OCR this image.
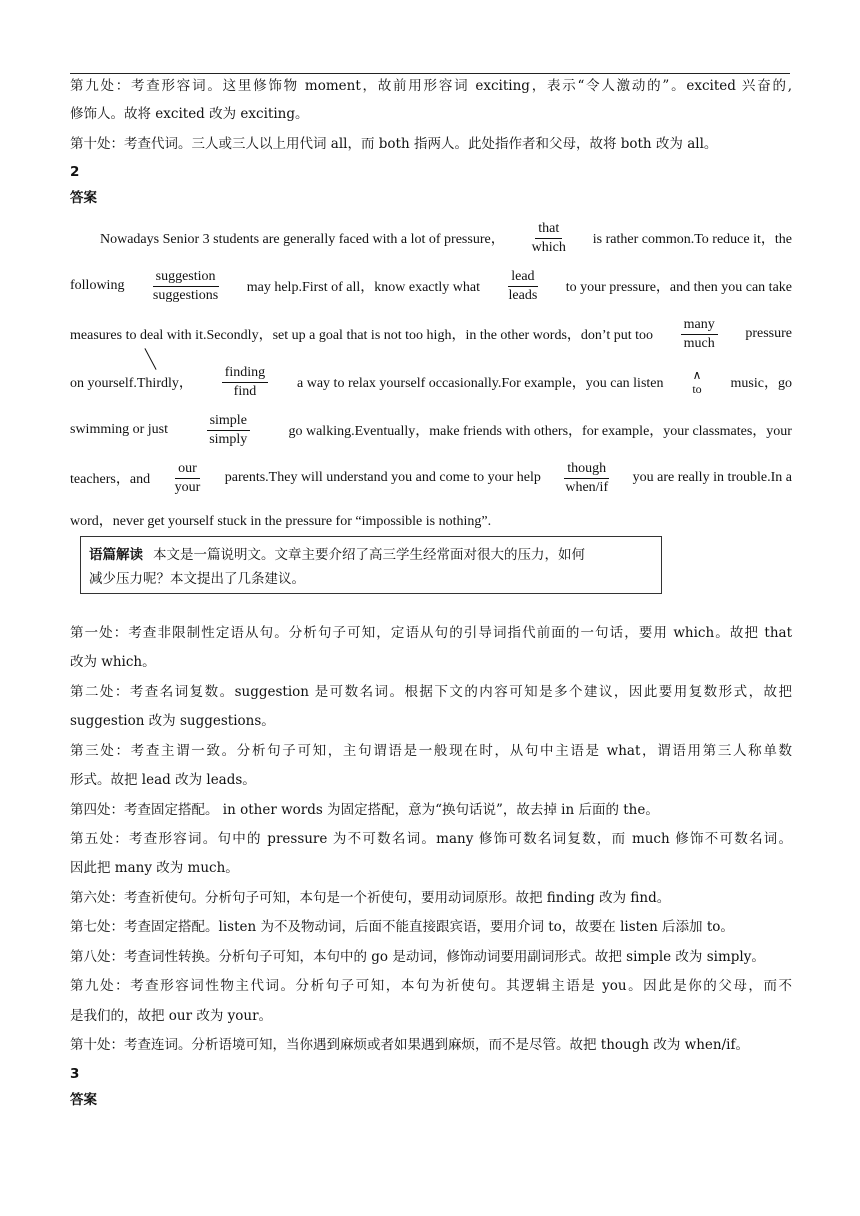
第九处：考查形容词。这里修饰物 moment，故前用形容词 exciting，表示“令人激动的”。excited 兴奋的,
修饰人。故将 excited 改为 exciting。
第十处：考查代词。三人或三人以上用代词 all，而 both 指两人。此处指作者和父母，故将 both 改为 all。
2
答案
Nowadays Senior 3 students are generally faced with a lot of pressure， $\frac{\text{that}}{\text{which}}$ is rather common.To reduce it，the
following $\frac{\text{suggestion}}{\text{suggestions}}$ may help.First of all，know exactly what $\frac{\text{lead}}{\text{leads}}$ to your pressure，and then you can take
measures to deal with it.Secondly，set up a goal that is not too high，in the other words，don’t put too $\frac{\text{many}}{\text{much}}$ pressure
on yourself.Thirdly， $\frac{\text{finding}}{\text{find}}$ a way to relax yourself occasionally.For example，you can listen
∧
to music，go
swimming or just	$\frac{\text{simple}}{\text{simply}}$	go walking.Eventually，make friends with others，for example，your classmates，your
teachers，and $\frac{\text{our}}{\text{your}}$ parents.They will understand you and come to your help $\frac{\text{though}}{\text{when/if}}$ you are really in trouble.In a
word，never get yourself stuck in the pressure for “impossible is nothing”.
语篇解读 本文是一篇说明文。文章主要介绍了高三学生经常面对很大的压力，如何
减少压力呢？本文提出了几条建议。
第一处：考查非限制性定语从句。分析句子可知，定语从句的引导词指代前面的一句话，要用 which。故把 that
改为 which。
第二处：考查名词复数。suggestion 是可数名词。根据下文的内容可知是多个建议，因此要用复数形式，故把
suggestion 改为 suggestions。
第三处：考查主谓一致。分析句子可知，主句谓语是一般现在时，从句中主语是 what，谓语用第三人称单数
形式。故把 lead 改为 leads。
第四处：考查固定搭配。 in other words 为固定搭配，意为“换句话说”，故去掉 in 后面的 the。
第五处：考查形容词。句中的 pressure 为不可数名词。many 修饰可数名词复数，而 much 修饰不可数名词。
因此把 many 改为 much。
第六处：考查祈使句。分析句子可知，本句是一个祈使句，要用动词原形。故把 finding 改为 find。
第七处：考查固定搭配。listen 为不及物动词，后面不能直接跟宾语，要用介词 to，故要在 listen 后添加 to。
第八处：考查词性转换。分析句子可知，本句中的 go 是动词，修饰动词要用副词形式。故把 simple 改为 simply。
第九处：考查形容词性物主代词。分析句子可知，本句为祈使句。其逻辑主语是 you。因此是你的父母，而不
是我们的，故把 our 改为 your。
第十处：考查连词。分析语境可知，当你遇到麻烦或者如果遇到麻烦，而不是尽管。故把 though 改为 when/if。
3
答案
